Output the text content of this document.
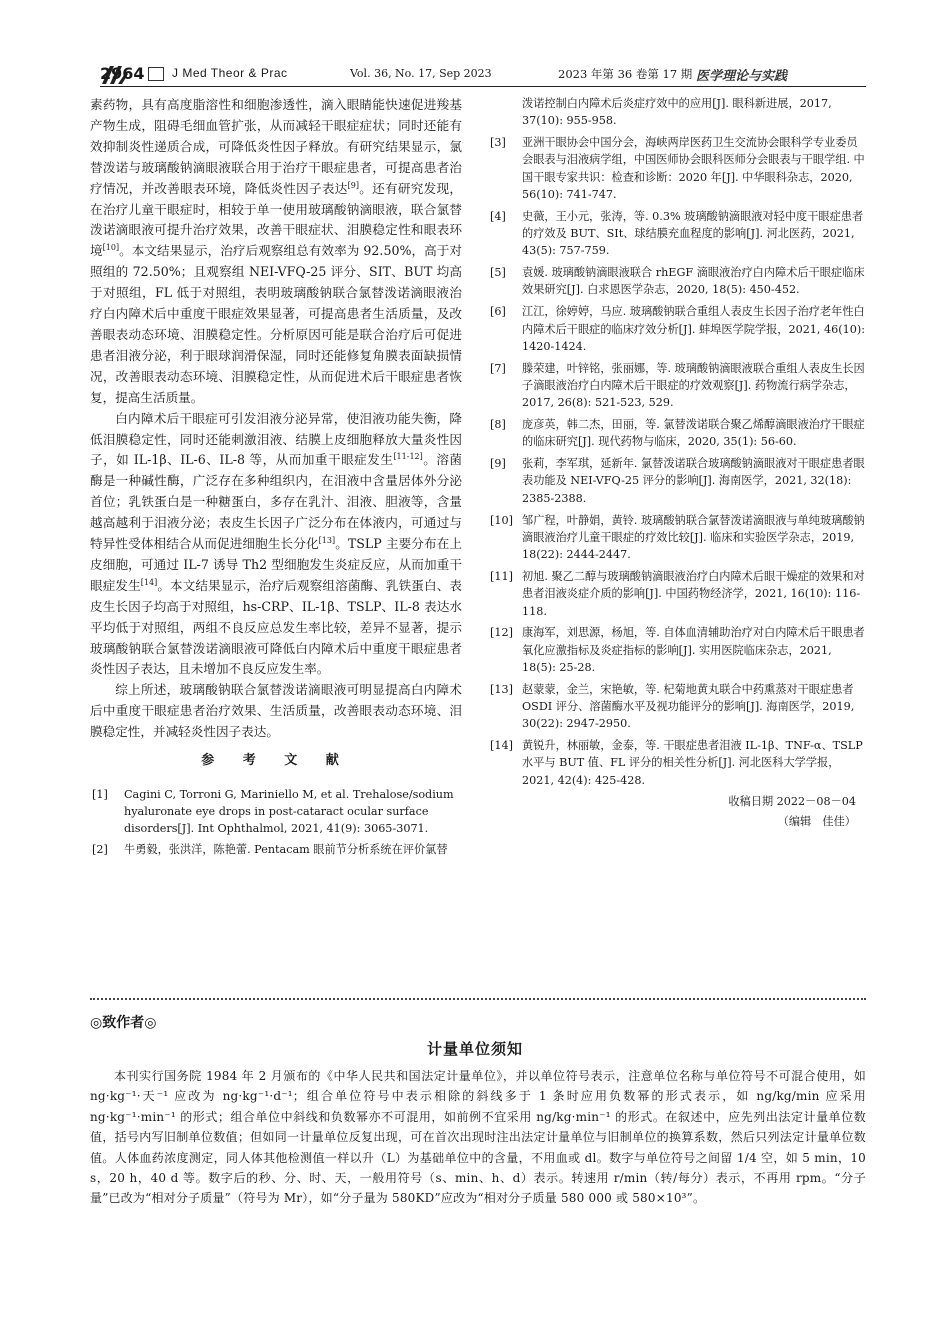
2964 J Med Theor & Prac	Vol. 36, No. 17, Sep 2023	2023 年第 36 卷第 17 期 医学理论与实践

素药物，具有高度脂溶性和细胞渗透性，滴入眼睛能快速促进羧基产物生成，阻碍毛细血管扩张，从而减轻干眼症症状；同时还能有效抑制炎性递质合成，可降低炎性因子释放。有研究结果显示，氯替泼诺与玻璃酸钠滴眼液联合用于治疗干眼症患者，可提高患者治疗情况，并改善眼表环境，降低炎性因子表达[9]。还有研究发现，在治疗儿童干眼症时，相较于单一使用玻璃酸钠滴眼液，联合氯替泼诺滴眼液可提升治疗效果，改善干眼症状、泪膜稳定性和眼表环境[10]。本文结果显示，治疗后观察组总有效率为 92.50%，高于对照组的 72.50%；且观察组 NEI-VFQ-25 评分、SIT、BUT 均高于对照组，FL 低于对照组，表明玻璃酸钠联合氯替泼诺滴眼液治疗白内障术后中重度干眼症效果显著，可提高患者生活质量，及改善眼表动态环境、泪膜稳定性。分析原因可能是联合治疗后可促进患者泪液分泌，利于眼球润滑保湿，同时还能修复角膜表面缺损情况，改善眼表动态环境、泪膜稳定性，从而促进术后干眼症患者恢复，提高生活质量。

白内障术后干眼症可引发泪液分泌异常，使泪液功能失衡，降低泪膜稳定性，同时还能刺激泪液、结膜上皮细胞释放大量炎性因子，如 IL-1β、IL-6、IL-8 等，从而加重干眼症发生[11-12]。溶菌酶是一种碱性酶，广泛存在多种组织内，在泪液中含量居体外分泌首位；乳铁蛋白是一种糖蛋白，多存在乳汁、泪液、胆液等，含量越高越利于泪液分泌；表皮生长因子广泛分布在体液内，可通过与特异性受体相结合从而促进细胞生长分化[13]。TSLP 主要分布在上皮细胞，可通过 IL-7 诱导 Th2 型细胞发生炎症反应，从而加重干眼症发生[14]。本文结果显示，治疗后观察组溶菌酶、乳铁蛋白、表皮生长因子均高于对照组，hs-CRP、IL-1β、TSLP、IL-8 表达水平均低于对照组，两组不良反应总发生率比较，差异不显著，提示玻璃酸钠联合氯替泼诺滴眼液可降低白内障术后中重度干眼症患者炎性因子表达，且未增加不良反应发生率。

综上所述，玻璃酸钠联合氯替泼诺滴眼液可明显提高白内障术后中重度干眼症患者治疗效果、生活质量，改善眼表动态环境、泪膜稳定性，并减轻炎性因子表达。

参 考 文 献
[1] Cagini C, Torroni G, Mariniello M, et al. Trehalose/sodium hyaluronate eye drops in post-cataract ocular surface disorders[J]. Int Ophthalmol, 2021, 41(9): 3065-3071.
[2] 牛勇毅，张洪洋，陈艳蕾. Pentacam 眼前节分析系统在评价氯替
泼诺控制白内障术后炎症疗效中的应用[J]. 眼科新进展，2017, 37(10): 955-958.
[3] 亚洲干眼协会中国分会，海峡两岸医药卫生交流协会眼科学专业委员会眼表与泪液病学组，中国医师协会眼科医师分会眼表与干眼学组. 中国干眼专家共识：检查和诊断：2020 年[J]. 中华眼科杂志，2020, 56(10): 741-747.
[4] 史薇，王小元，张涛，等. 0.3% 玻璃酸钠滴眼液对轻中度干眼症患者的疗效及 BUT、SIt、球结膜充血程度的影响[J]. 河北医药，2021, 43(5): 757-759.
[5] 袁媛. 玻璃酸钠滴眼液联合 rhEGF 滴眼液治疗白内障术后干眼症临床效果研究[J]. 白求恩医学杂志，2020, 18(5): 450-452.
[6] 江江，徐婷婷，马应. 玻璃酸钠联合重组人表皮生长因子治疗老年性白内障术后干眼症的临床疗效分析[J]. 蚌埠医学院学报，2021, 46(10): 1420-1424.
[7] 滕荣建，叶锌铭，张丽娜，等. 玻璃酸钠滴眼液联合重组人表皮生长因子滴眼液治疗白内障术后干眼症的疗效观察[J]. 药物流行病学杂志，2017, 26(8): 521-523, 529.
[8] 庞彦英，韩二杰，田丽，等. 氯替泼诺联合聚乙烯醇滴眼液治疗干眼症的临床研究[J]. 现代药物与临床，2020, 35(1): 56-60.
[9] 张莉，李军琪，延新年. 氯替泼诺联合玻璃酸钠滴眼液对干眼症患者眼表功能及 NEI-VFQ-25 评分的影响[J]. 海南医学，2021, 32(18): 2385-2388.
[10] 邹广程，叶静娟，黄铃. 玻璃酸钠联合氯替泼诺滴眼液与单纯玻璃酸钠滴眼液治疗儿童干眼症的疗效比较[J]. 临床和实验医学杂志，2019, 18(22): 2444-2447.
[11] 初旭. 聚乙二醇与玻璃酸钠滴眼液治疗白内障术后眼干燥症的效果和对患者泪液炎症介质的影响[J]. 中国药物经济学，2021, 16(10): 116-118.
[12] 康海军，刘思源，杨旭，等. 自体血清辅助治疗对白内障术后干眼患者氧化应激指标及炎症指标的影响[J]. 实用医院临床杂志，2021, 18(5): 25-28.
[13] 赵蒙蒙，金兰，宋艳敏，等. 杞菊地黄丸联合中药熏蒸对干眼症患者 OSDI 评分、溶菌酶水平及视功能评分的影响[J]. 海南医学，2019, 30(22): 2947-2950.
[14] 黄锐升，林丽敏，金泰，等. 干眼症患者泪液 IL-1β、TNF-α、TSLP 水平与 BUT 值、FL 评分的相关性分析[J]. 河北医科大学学报，2021, 42(4): 425-428.
收稿日期 2022－08－04
（编辑　佳佳）
◎致作者◎
计量单位须知

本刊实行国务院 1984 年 2 月颁布的《中华人民共和国法定计量单位》，并以单位符号表示，注意单位名称与单位符号不可混合使用，如 ng·kg⁻¹·天⁻¹ 应改为 ng·kg⁻¹·d⁻¹；组合单位符号中表示相除的斜线多于 1 条时应用负数幂的形式表示，如 ng/kg/min 应采用 ng·kg⁻¹·min⁻¹ 的形式；组合单位中斜线和负数幂亦不可混用，如前例不宜采用 ng/kg·min⁻¹ 的形式。在叙述中，应先列出法定计量单位数值，括号内写旧制单位数值；但如同一计量单位反复出现，可在首次出现时注出法定计量单位与旧制单位的换算系数，然后只列法定计量单位数值。人体血药浓度测定，同人体其他检测值一样以升（L）为基础单位中的含量，不用血或 dl。数字与单位符号之间留 1/4 空，如 5 min，10 s，20 h，40 d 等。数字后的秒、分、时、天，一般用符号（s、min、h、d）表示。转速用 r/min（转/每分）表示，不再用 rpm。“分子量”已改为“相对分子质量”（符号为 Mr），如“分子量为 580KD”应改为“相对分子质量 580 000 或 580×10³”。
